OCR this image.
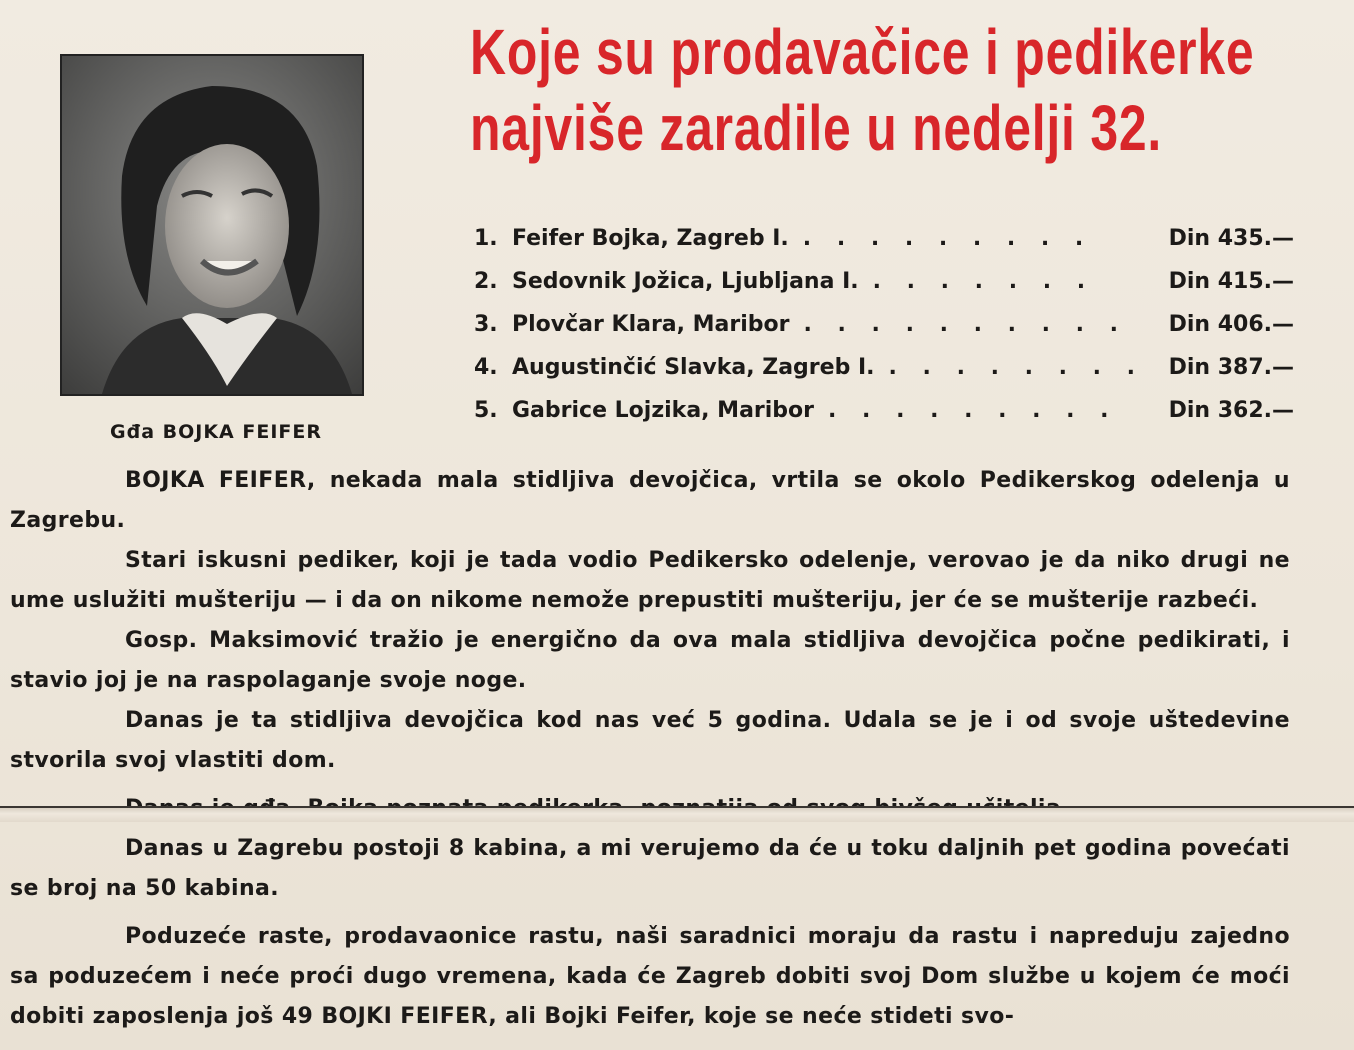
Gđa BOJKA FEIFER
Koje su prodavačice i pedikerke
najviše zaradile u nedelji 32.
1. Feifer Bojka, Zagreb I. . . . . . . . . .	Din 435.—
2. Sedovnik Jožica, Ljubljana I. . . . . . . .	Din 415.—
3. Plovčar Klara, Maribor . . . . . . . . . .	Din 406.—
4. Augustinčić Slavka, Zagreb I. . . . . . . . .	Din 387.—
5. Gabrice Lojzika, Maribor . . . . . . . . .	Din 362.—

BOJKA FEIFER, nekada mala stidljiva devojčica, vrtila se okolo Pedikerskog odelenja u Zagrebu.

Stari iskusni pediker, koji je tada vodio Pedikersko odelenje, verovao je da niko drugi ne ume uslužiti mušteriju — i da on nikome nemože prepustiti mušteriju, jer će se mušterije razbeći.

Gosp. Maksimović tražio je energično da ova mala stidljiva devojčica počne pedikirati, i stavio joj je na raspolaganje svoje noge.

Danas je ta stidljiva devojčica kod nas već 5 godina. Udala se je i od svoje uštedevine stvorila svoj vlastiti dom.

Danas u Zagrebu postoji 8 kabina, a mi verujemo da će u toku daljnih pet godina povećati se broj na 50 kabina.

Poduzeće raste, prodavaonice rastu, naši saradnici moraju da rastu i napreduju zajedno sa poduzećem i neće proći dugo vremena, kada će Zagreb dobiti svoj Dom službe u kojem će moći dobiti zaposlenja još 49 BOJKI FEIFER, ali Bojki Feifer, koje se neće stideti svo-
